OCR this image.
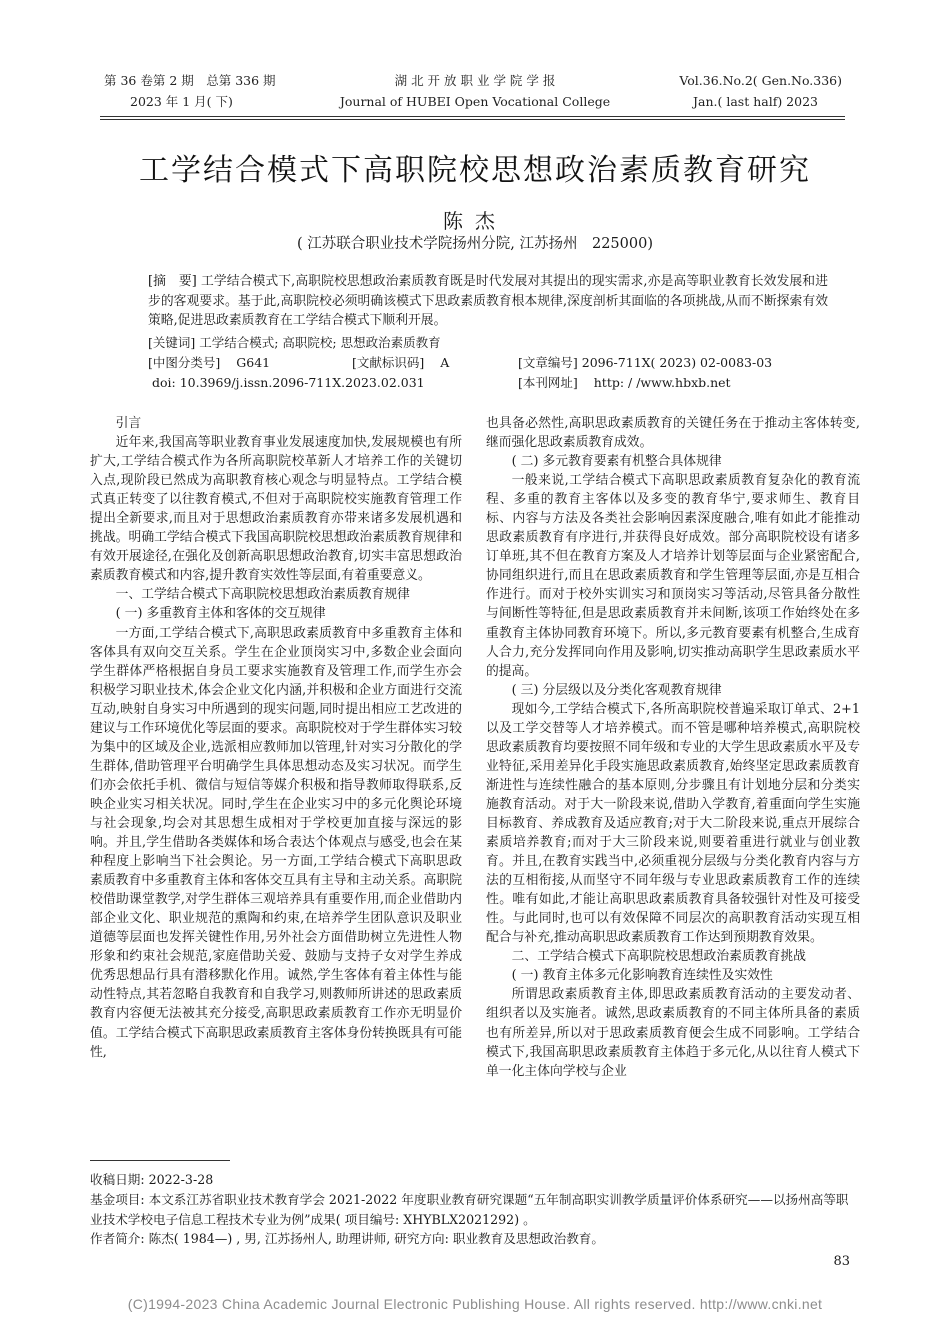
第 36 卷第 2 期　总第 336 期
2023 年 1 月( 下)
湖 北 开 放 职 业 学 院 学 报
Journal of HUBEI Open Vocational College
Vol.36.No.2( Gen.No.336)
Jan.( last half) 2023
工学结合模式下高职院校思想政治素质教育研究
陈杰
( 江苏联合职业技术学院扬州分院, 江苏扬州　225000)
[摘　要] 工学结合模式下,高职院校思想政治素质教育既是时代发展对其提出的现实需求,亦是高等职业教育长效发展和进步的客观要求。基于此,高职院校必须明确该模式下思政素质教育根本规律,深度剖析其面临的各项挑战,从而不断探索有效策略,促进思政素质教育在工学结合模式下顺利开展。
[关键词] 工学结合模式; 高职院校; 思想政治素质教育
[中图分类号] G641	[文献标识码] A	[文章编号] 2096-711X( 2023) 02-0083-03
doi: 10.3969/j.issn.2096-711X.2023.02.031	[本刊网址] http: / /www.hbxb.net

引言

近年来,我国高等职业教育事业发展速度加快,发展规模也有所扩大,工学结合模式作为各所高职院校革新人才培养工作的关键切入点,现阶段已然成为高职教育核心观念与明显特点。工学结合模式真正转变了以往教育模式,不但对于高职院校实施教育管理工作提出全新要求,而且对于思想政治素质教育亦带来诸多发展机遇和挑战。明确工学结合模式下我国高职院校思想政治素质教育规律和有效开展途径,在强化及创新高职思想政治教育,切实丰富思想政治素质教育模式和内容,提升教育实效性等层面,有着重要意义。

一、工学结合模式下高职院校思想政治素质教育规律

( 一) 多重教育主体和客体的交互规律

一方面,工学结合模式下,高职思政素质教育中多重教育主体和客体具有双向交互关系。学生在企业顶岗实习中,多数企业会面向学生群体严格根据自身员工要求实施教育及管理工作,而学生亦会积极学习职业技术,体会企业文化内涵,并积极和企业方面进行交流互动,映射自身实习中所遇到的现实问题,同时提出相应工艺改进的建议与工作环境优化等层面的要求。高职院校对于学生群体实习较为集中的区域及企业,选派相应教师加以管理,针对实习分散化的学生群体,借助管理平台明确学生具体思想动态及实习状况。而学生们亦会依托手机、微信与短信等媒介积极和指导教师取得联系,反映企业实习相关状况。同时,学生在企业实习中的多元化舆论环境与社会现象,均会对其思想生成相对于学校更加直接与深远的影响。并且,学生借助各类媒体和场合表达个体观点与感受,也会在某种程度上影响当下社会舆论。另一方面,工学结合模式下高职思政素质教育中多重教育主体和客体交互具有主导和主动关系。高职院校借助课堂教学,对学生群体三观培养具有重要作用,而企业借助内部企业文化、职业规范的熏陶和约束,在培养学生团队意识及职业道德等层面也发挥关键性作用,另外社会方面借助树立先进性人物形象和约束社会规范,家庭借助关爱、鼓励与支持子女对学生养成优秀思想品行具有潜移默化作用。诚然,学生客体有着主体性与能动性特点,其若忽略自我教育和自我学习,则教师所讲述的思政素质教育内容便无法被其充分接受,高职思政素质教育工作亦无明显价值。工学结合模式下高职思政素质教育主客体身份转换既具有可能性,

也具备必然性,高职思政素质教育的关键任务在于推动主客体转变,继而强化思政素质教育成效。

( 二) 多元教育要素有机整合具体规律

一般来说,工学结合模式下高职思政素质教育复杂化的教育流程、多重的教育主客体以及多变的教育华宁,要求师生、教育目标、内容与方法及各类社会影响因素深度融合,唯有如此才能推动思政素质教育有序进行,并获得良好成效。部分高职院校设有诸多订单班,其不但在教育方案及人才培养计划等层面与企业紧密配合,协同组织进行,而且在思政素质教育和学生管理等层面,亦是互相合作进行。而对于校外实训实习和顶岗实习等活动,尽管具备分散性与间断性等特征,但是思政素质教育并未间断,该项工作始终处在多重教育主体协同教育环境下。所以,多元教育要素有机整合,生成育人合力,充分发挥同向作用及影响,切实推动高职学生思政素质水平的提高。

( 三) 分层级以及分类化客观教育规律

现如今,工学结合模式下,各所高职院校普遍采取订单式、2+1 以及工学交替等人才培养模式。而不管是哪种培养模式,高职院校思政素质教育均要按照不同年级和专业的大学生思政素质水平及专业特征,采用差异化手段实施思政素质教育,始终坚定思政素质教育渐进性与连续性融合的基本原则,分步骤且有计划地分层和分类实施教育活动。对于大一阶段来说,借助入学教育,着重面向学生实施目标教育、养成教育及适应教育;对于大二阶段来说,重点开展综合素质培养教育;而对于大三阶段来说,则要着重进行就业与创业教育。并且,在教育实践当中,必须重视分层级与分类化教育内容与方法的互相衔接,从而坚守不同年级与专业思政素质教育工作的连续性。唯有如此,才能让高职思政素质教育具备较强针对性及可接受性。与此同时,也可以有效保障不同层次的高职教育活动实现互相配合与补充,推动高职思政素质教育工作达到预期教育效果。

二、工学结合模式下高职院校思想政治素质教育挑战

( 一) 教育主体多元化影响教育连续性及实效性

所谓思政素质教育主体,即思政素质教育活动的主要发动者、组织者以及实施者。诚然,思政素质教育的不同主体所具备的素质也有所差异,所以对于思政素质教育便会生成不同影响。工学结合模式下,我国高职思政素质教育主体趋于多元化,从以往育人模式下单一化主体向学校与企业

收稿日期: 2022-3-28
基金项目: 本文系江苏省职业技术教育学会 2021-2022 年度职业教育研究课题“五年制高职实训教学质量评价体系研究——以扬州高等职业技术学校电子信息工程技术专业为例”成果( 项目编号: XHYBLX2021292) 。
作者简介: 陈杰( 1984—) , 男, 江苏扬州人, 助理讲师, 研究方向: 职业教育及思想政治教育。
83
(C)1994-2023 China Academic Journal Electronic Publishing House. All rights reserved. http://www.cnki.net
